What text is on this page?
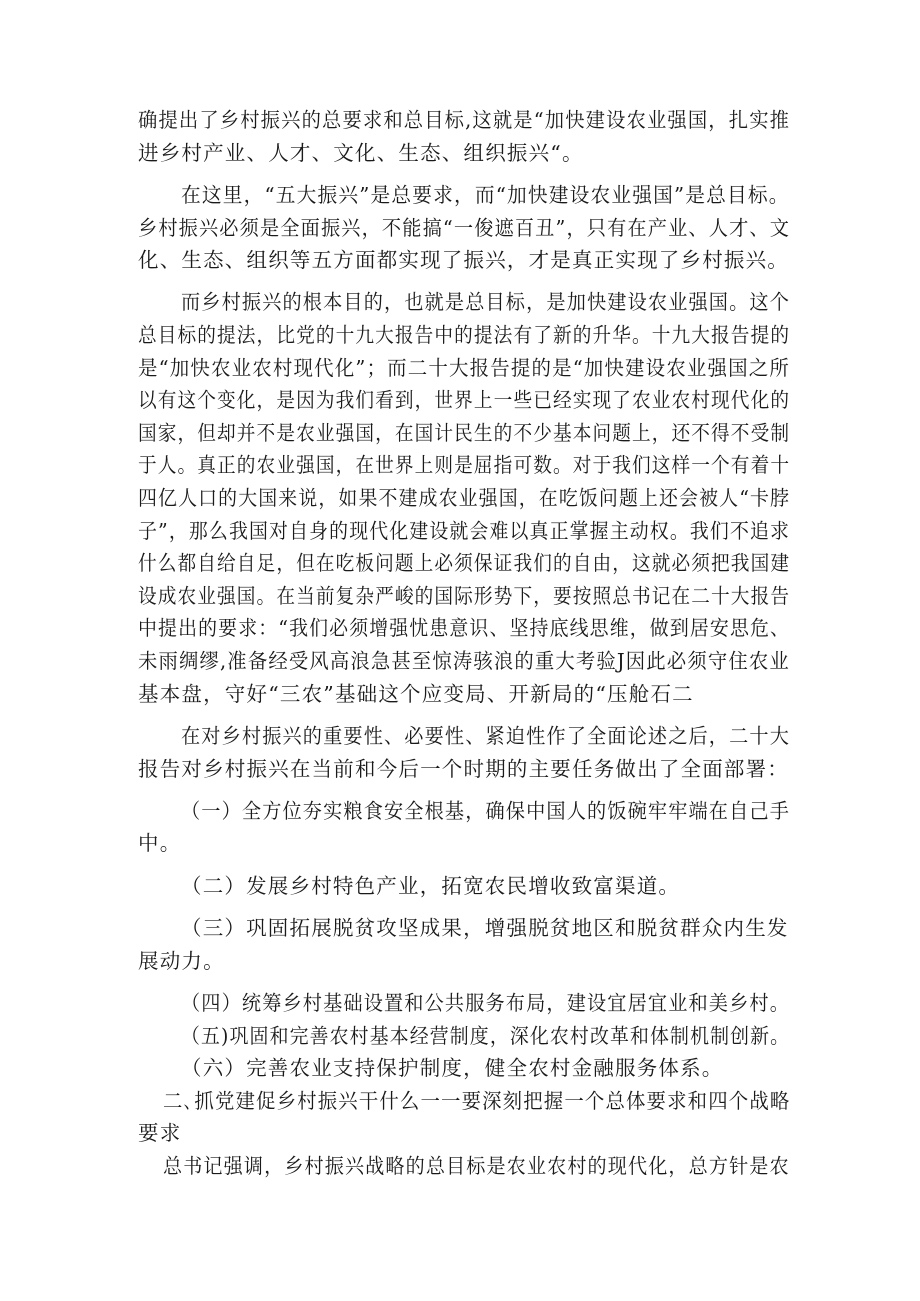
确提出了乡村振兴的总要求和总目标,这就是“加快建设农业强国，扎实推
进乡村产业、人才、文化、生态、组织振兴“。
在这里，“五大振兴”是总要求，而“加快建设农业强国”是总目标。
乡村振兴必须是全面振兴，不能搞“一俊遮百丑”，只有在产业、人才、文
化、生态、组织等五方面都实现了振兴，才是真正实现了乡村振兴。
而乡村振兴的根本目的，也就是总目标，是加快建设农业强国。这个
总目标的提法，比党的十九大报告中的提法有了新的升华。十九大报告提的
是“加快农业农村现代化”；而二十大报告提的是“加快建设农业强国之所
以有这个变化，是因为我们看到，世界上一些已经实现了农业农村现代化的
国家，但却并不是农业强国，在国计民生的不少基本问题上，还不得不受制
于人。真正的农业强国，在世界上则是屈指可数。对于我们这样一个有着十
四亿人口的大国来说，如果不建成农业强国，在吃饭问题上还会被人“卡脖
子”，那么我国对自身的现代化建设就会难以真正掌握主动权。我们不追求
什么都自给自足，但在吃板问题上必须保证我们的自由，这就必须把我国建
设成农业强国。在当前复杂严峻的国际形势下，要按照总书记在二十大报告
中提出的要求：“我们必须增强忧患意识、坚持底线思维，做到居安思危、
未雨绸缪,准备经受风高浪急甚至惊涛骇浪的重大考验J因此必须守住农业
基本盘，守好“三农”基础这个应变局、开新局的“压舱石二
在对乡村振兴的重要性、必要性、紧迫性作了全面论述之后，二十大
报告对乡村振兴在当前和今后一个时期的主要任务做出了全面部署：
（一）全方位夯实粮食安全根基，确保中国人的饭碗牢牢端在自己手
中。
（二）发展乡村特色产业，拓宽农民增收致富渠道。
（三）巩固拓展脱贫攻坚成果，增强脱贫地区和脱贫群众内生发
展动力。
（四）统筹乡村基础设置和公共服务布局，建设宜居宜业和美乡村。
（五)巩固和完善农村基本经营制度，深化农村改革和体制机制创新。
（六）完善农业支持保护制度，健全农村金融服务体系。
二､抓党建促乡村振兴干什么一一要深刻把握一个总体要求和四个战略
要求
总书记强调，乡村振兴战略的总目标是农业农村的现代化，总方针是农
